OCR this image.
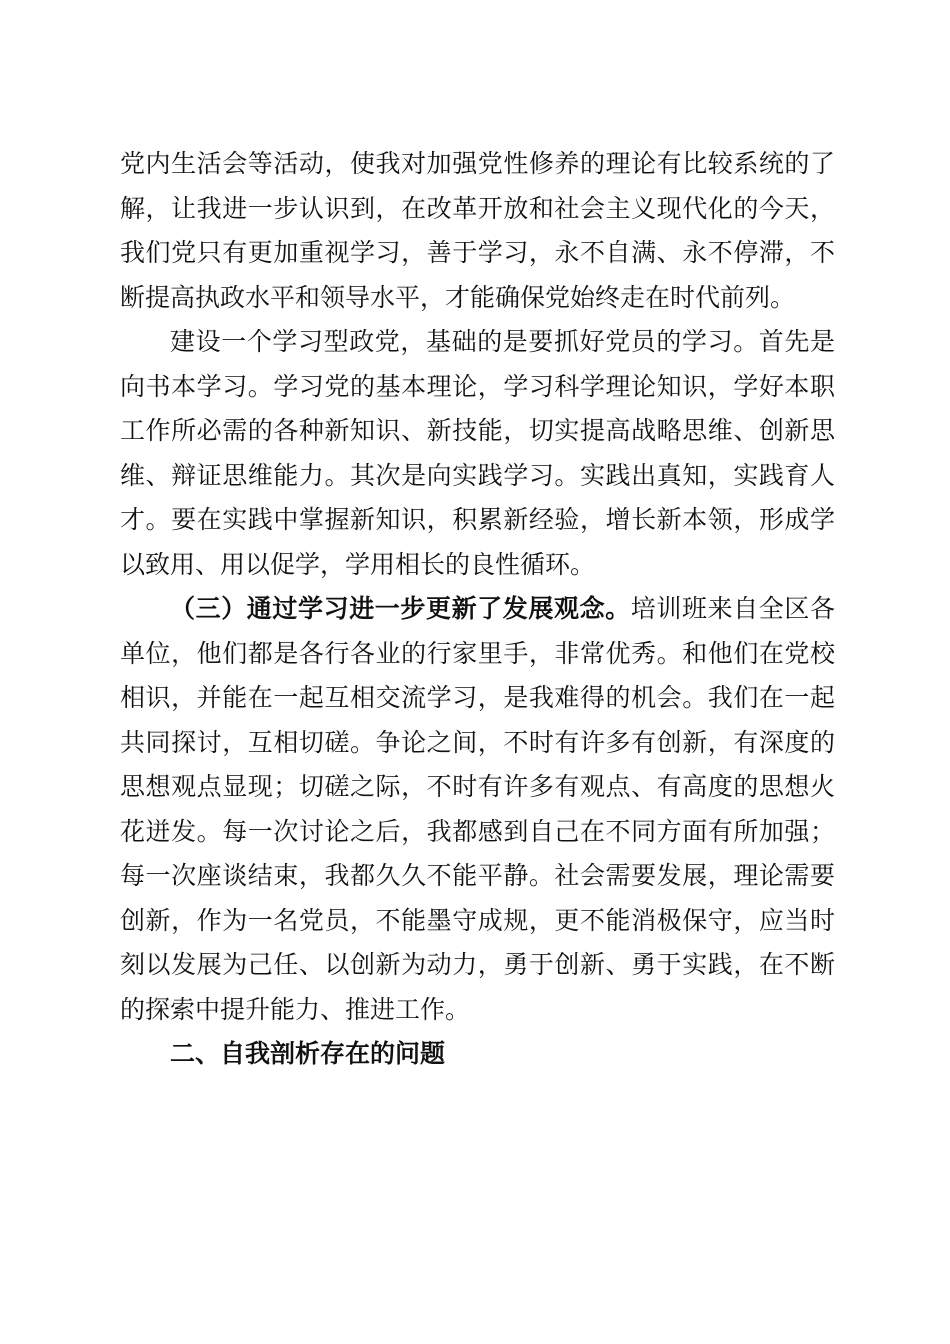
党内生活会等活动，使我对加强党性修养的理论有比较系统的了解，让我进一步认识到，在改革开放和社会主义现代化的今天，我们党只有更加重视学习，善于学习，永不自满、永不停滞，不断提高执政水平和领导水平，才能确保党始终走在时代前列。

建设一个学习型政党，基础的是要抓好党员的学习。首先是向书本学习。学习党的基本理论，学习科学理论知识，学好本职工作所必需的各种新知识、新技能，切实提高战略思维、创新思维、辩证思维能力。其次是向实践学习。实践出真知，实践育人才。要在实践中掌握新知识，积累新经验，增长新本领，形成学以致用、用以促学，学用相长的良性循环。

（三）通过学习进一步更新了发展观念。培训班来自全区各单位，他们都是各行各业的行家里手，非常优秀。和他们在党校相识，并能在一起互相交流学习，是我难得的机会。我们在一起共同探讨，互相切磋。争论之间，不时有许多有创新，有深度的思想观点显现；切磋之际，不时有许多有观点、有高度的思想火花迸发。每一次讨论之后，我都感到自己在不同方面有所加强；每一次座谈结束，我都久久不能平静。社会需要发展，理论需要创新，作为一名党员，不能墨守成规，更不能消极保守，应当时刻以发展为己任、以创新为动力，勇于创新、勇于实践，在不断的探索中提升能力、推进工作。

二、自我剖析存在的问题
